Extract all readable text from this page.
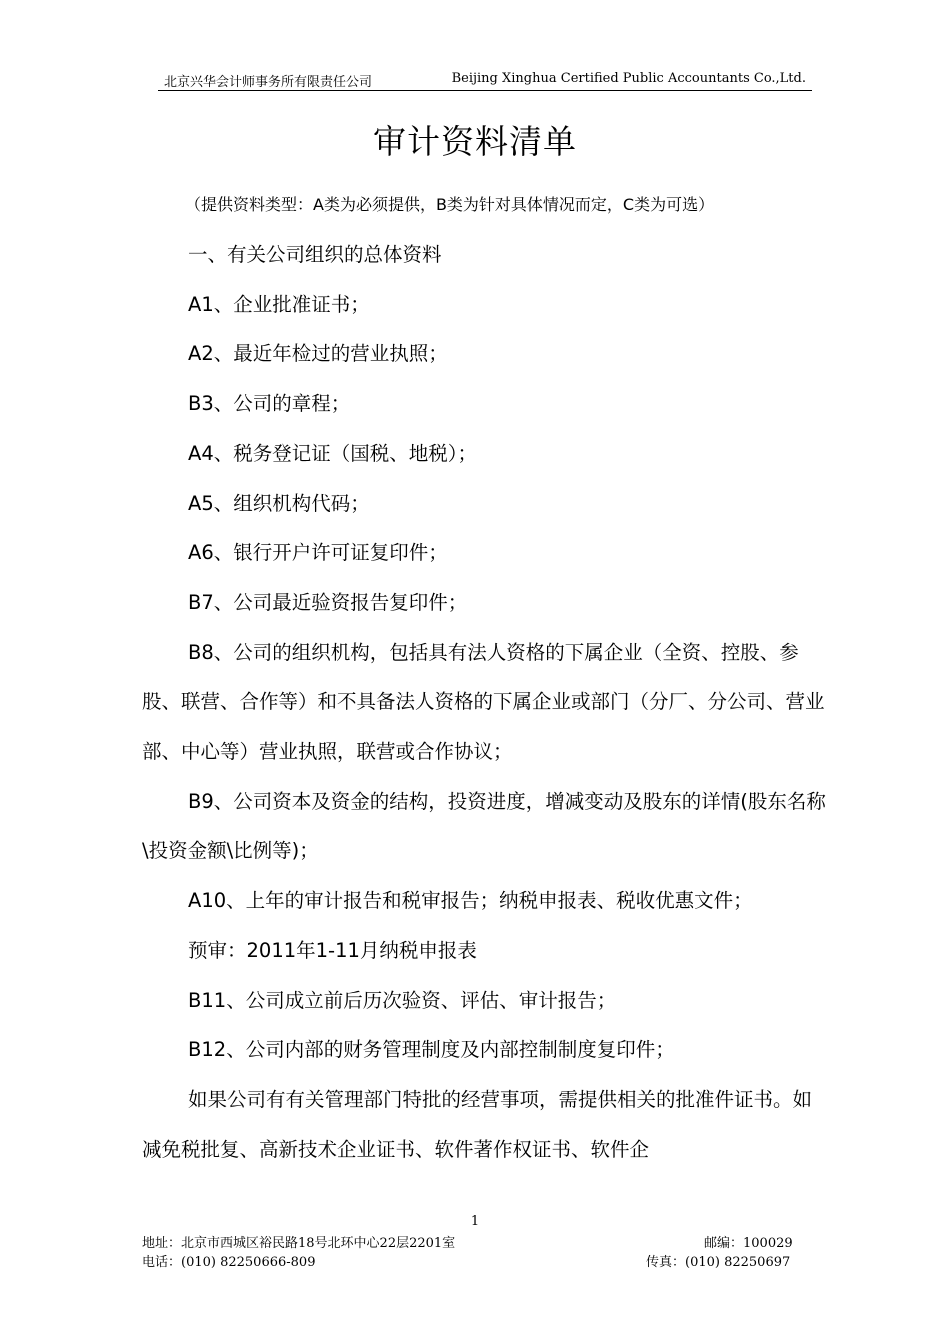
北京兴华会计师事务所有限责任公司	Beijing Xinghua Certified Public Accountants Co.,Ltd.
审计资料清单
（提供资料类型：A类为必须提供，B类为针对具体情况而定，C类为可选）

一、有关公司组织的总体资料

A1、企业批准证书；

A2、最近年检过的营业执照；

B3、公司的章程；

A4、税务登记证（国税、地税）；

A5、组织机构代码；

A6、银行开户许可证复印件；

B7、公司最近验资报告复印件；

B8、公司的组织机构，包括具有法人资格的下属企业（全资、控股、参股、联营、合作等）和不具备法人资格的下属企业或部门（分厂、分公司、营业部、中心等）营业执照，联营或合作协议；

B9、公司资本及资金的结构，投资进度，增减变动及股东的详情(股东名称\投资金额\比例等)；

A10、上年的审计报告和税审报告；纳税申报表、税收优惠文件；

预审：2011年1-11月纳税申报表

B11、公司成立前后历次验资、评估、审计报告；

B12、公司内部的财务管理制度及内部控制制度复印件；

如果公司有有关管理部门特批的经营事项，需提供相关的批准件证书。如减免税批复、高新技术企业证书、软件著作权证书、软件企

1
地址：北京市西城区裕民路18号北环中心22层2201室	邮编：100029
电话：(010) 82250666-809	传真：(010) 82250697
